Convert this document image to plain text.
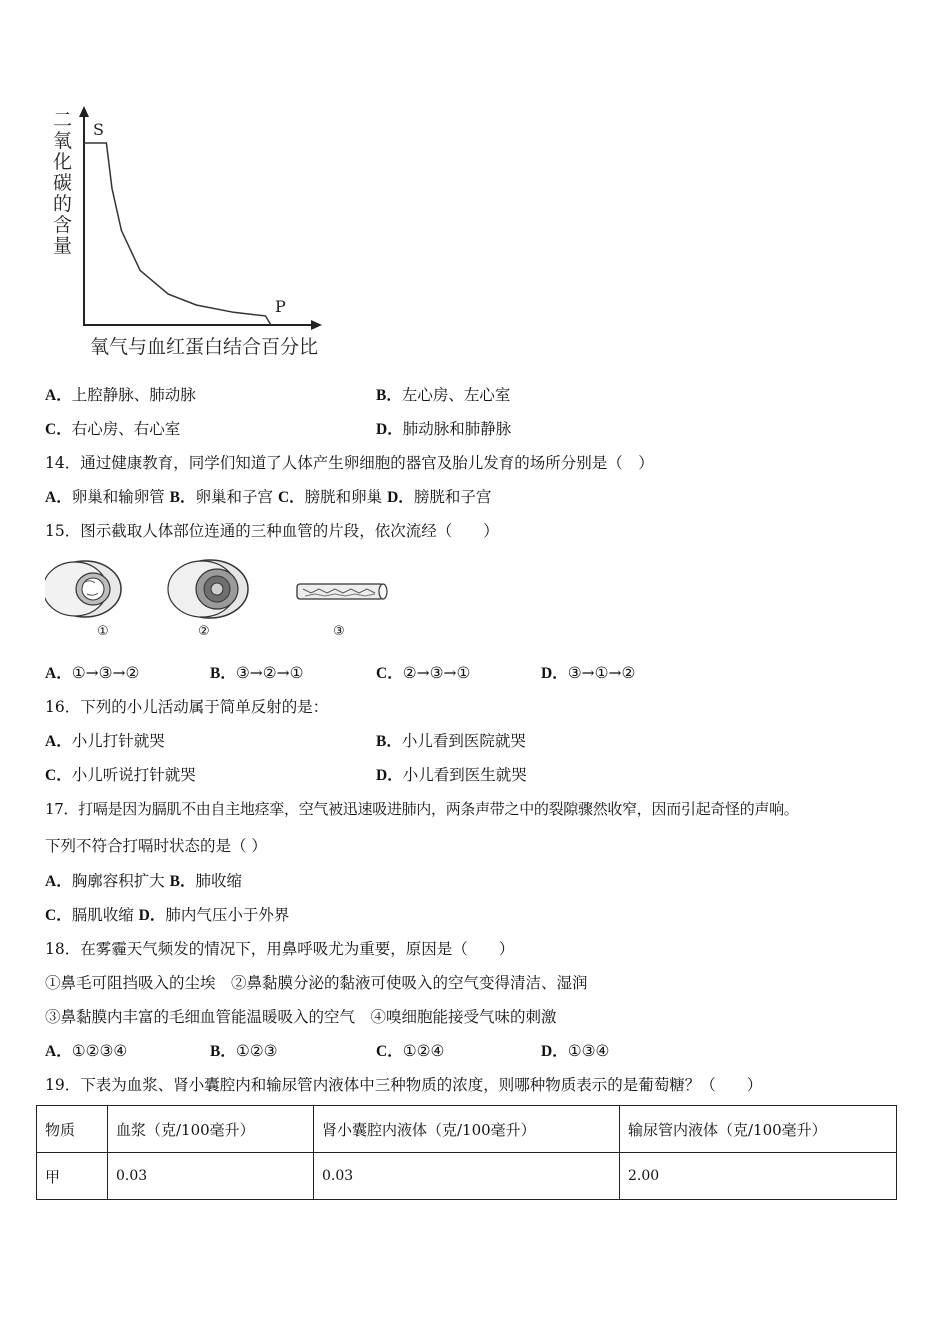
二氧化碳的含量
S
P
氧气与血红蛋白结合百分比
A．上腔静脉、肺动脉	B．左心房、左心室
C．右心房、右心室	D．肺动脉和肺静脉
14．通过健康教育，同学们知道了人体产生卵细胞的器官及胎儿发育的场所分别是（　）
A．卵巢和输卵管 B．卵巢和子宫 C．膀胱和卵巢 D．膀胱和子宫
15．图示截取人体部位连通的三种血管的片段，依次流经（　　）
①	②	③
A．①→③→②	B．③→②→①	C．②→③→①	D．③→①→②
16．下列的小儿活动属于简单反射的是：
A．小儿打针就哭	B．小儿看到医院就哭
C．小儿听说打针就哭	D．小儿看到医生就哭
17．打嗝是因为膈肌不由自主地痉挛，空气被迅速吸进肺内，两条声带之中的裂隙骤然收窄，因而引起奇怪的声响。
下列不符合打嗝时状态的是（ ）
A．胸廓容积扩大 B．肺收缩
C．膈肌收缩 D．肺内气压小于外界
18．在雾霾天气频发的情况下，用鼻呼吸尤为重要，原因是（　　）
①鼻毛可阻挡吸入的尘埃　②鼻黏膜分泌的黏液可使吸入的空气变得清洁、湿润
③鼻黏膜内丰富的毛细血管能温暖吸入的空气　④嗅细胞能接受气味的刺激
A．①②③④	B．①②③	C．①②④	D．①③④
19．下表为血浆、肾小囊腔内和输尿管内液体中三种物质的浓度，则哪种物质表示的是葡萄糖？（　　）
物质	血浆（克/100毫升）	肾小囊腔内液体（克/100毫升）	输尿管内液体（克/100毫升）
甲	0.03	0.03	2.00
